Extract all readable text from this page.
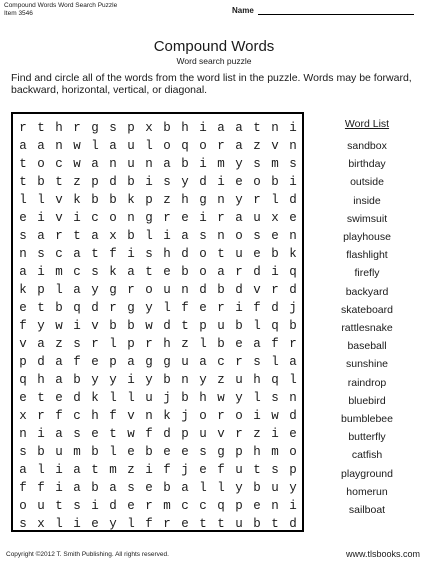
Compound Words Word Search Puzzle
Item 3546	Name
Compound Words
Word search puzzle
Find and circle all of the words from the word list in the puzzle. Words may be forward, backward, horizontal, vertical, or diagonal.
r t h r g s p x b h i a a t n i
a a n w l a u l o q o r a z v n
t o c w a n u n a b i m y s m s
t b t z p d b i s y d i e o b i
l l v k b b k p z h g n y r l d
e i v i c o n g r e i r a u x e
s a r t a x b l i a s n o s e n
n s c a t f i s h d o t u e b k
a i m c s k a t e b o a r d i q
k p l a y g r o u n d b d v r d
e t b q d r g y l f e r i f d j
f y w i v b b w d t p u b l q b
v a z s r l p r h z l b e a f r
p d a f e p a g g u a c r s l a
q h a b y y i y b n y z u h q l
e t e d k l l u j b h w y l s n
x r f c h f v n k j o r o i w d
n i a s e t w f d p u v r z i e
s b u m b l e b e e s g p h m o
a l i a t m z i f j e f u t s p
f f i a b a s e b a l l y b u y
o u t s i d e r m c c q p e n i
s x l i e y l f r e t t u b t d
Word List
sandbox
birthday
outside
inside
swimsuit
playhouse
flashlight
firefly
backyard
skateboard
rattlesnake
baseball
sunshine
raindrop
bluebird
bumblebee
butterfly
catfish
playground
homerun
sailboat
Copyright ©2012 T. Smith Publishing. All rights reserved.	www.tlsbooks.com
